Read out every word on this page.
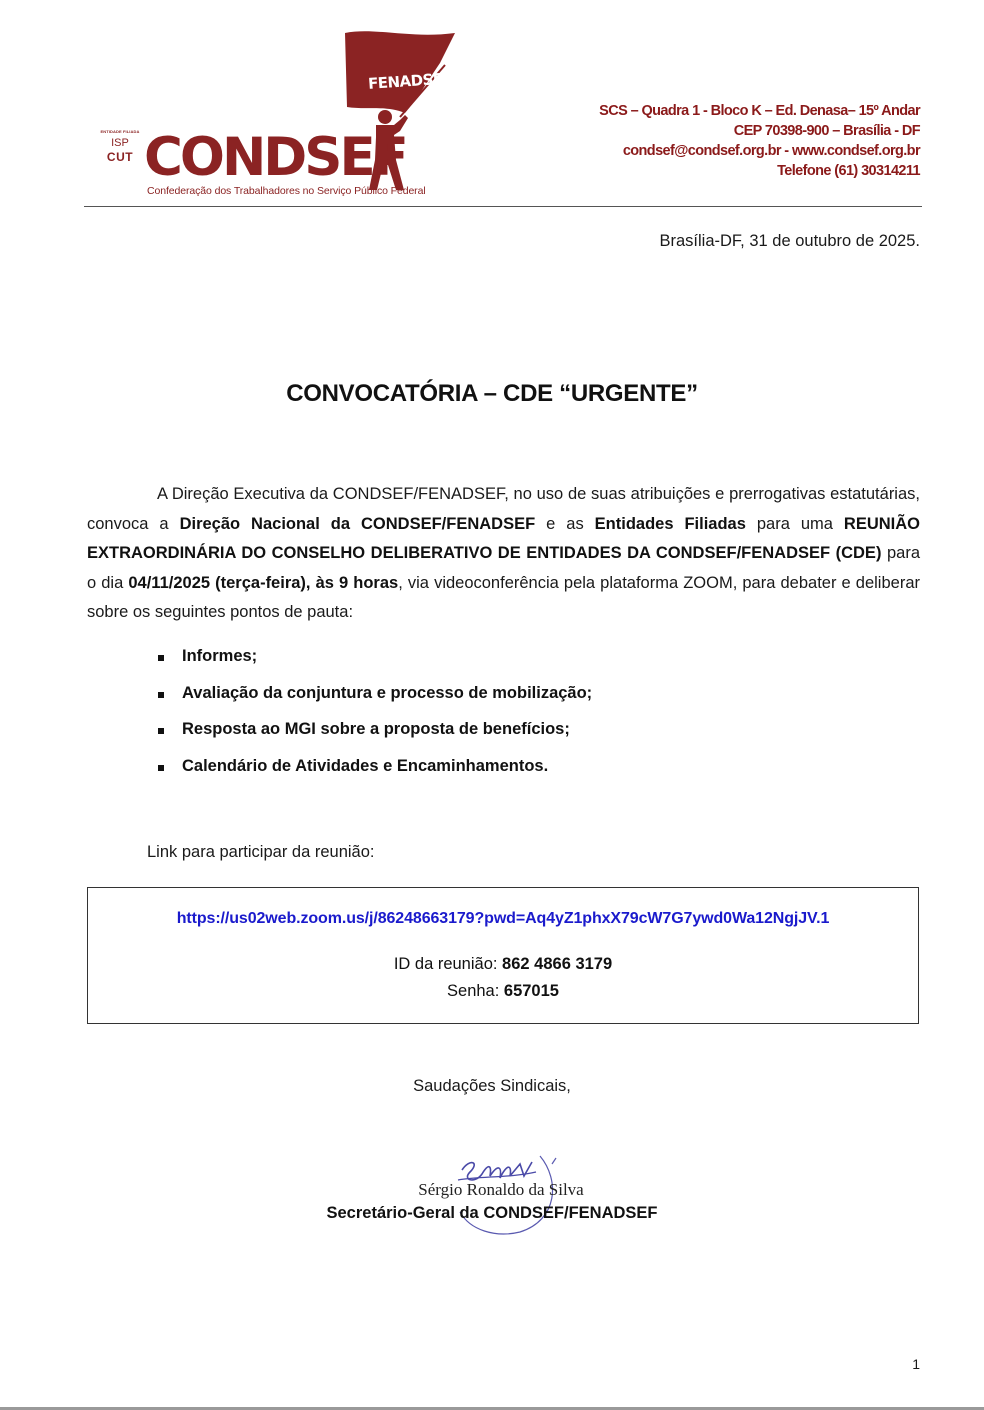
FENADSEF
ENTIDADE FILIADA
ISP
CUT CONDSEF
Confederação dos Trabalhadores no Serviço Público Federal
SCS – Quadra 1 - Bloco K – Ed. Denasa– 15º Andar
CEP 70398-900 – Brasília - DF
condsef@condsef.org.br - www.condsef.org.br
Telefone (61) 30314211
Brasília-DF, 31 de outubro de 2025.
CONVOCATÓRIA – CDE “URGENTE”
A Direção Executiva da CONDSEF/FENADSEF, no uso de suas atribuições e prerrogativas estatutárias, convoca a Direção Nacional da CONDSEF/FENADSEF e as Entidades Filiadas para uma REUNIÃO EXTRAORDINÁRIA DO CONSELHO DELIBERATIVO DE ENTIDADES DA CONDSEF/FENADSEF (CDE) para o dia 04/11/2025 (terça-feira), às 9 horas, via videoconferência pela plataforma ZOOM, para debater e deliberar sobre os seguintes pontos de pauta:
Informes;
Avaliação da conjuntura e processo de mobilização;
Resposta ao MGI sobre a proposta de benefícios;
Calendário de Atividades e Encaminhamentos.
Link para participar da reunião:
https://us02web.zoom.us/j/86248663179?pwd=Aq4yZ1phxX79cW7G7ywd0Wa12NgjJV.1
ID da reunião: 862 4866 3179
Senha: 657015
Saudações Sindicais,
Sérgio Ronaldo da Silva
Secretário-Geral da CONDSEF/FENADSEF
1
